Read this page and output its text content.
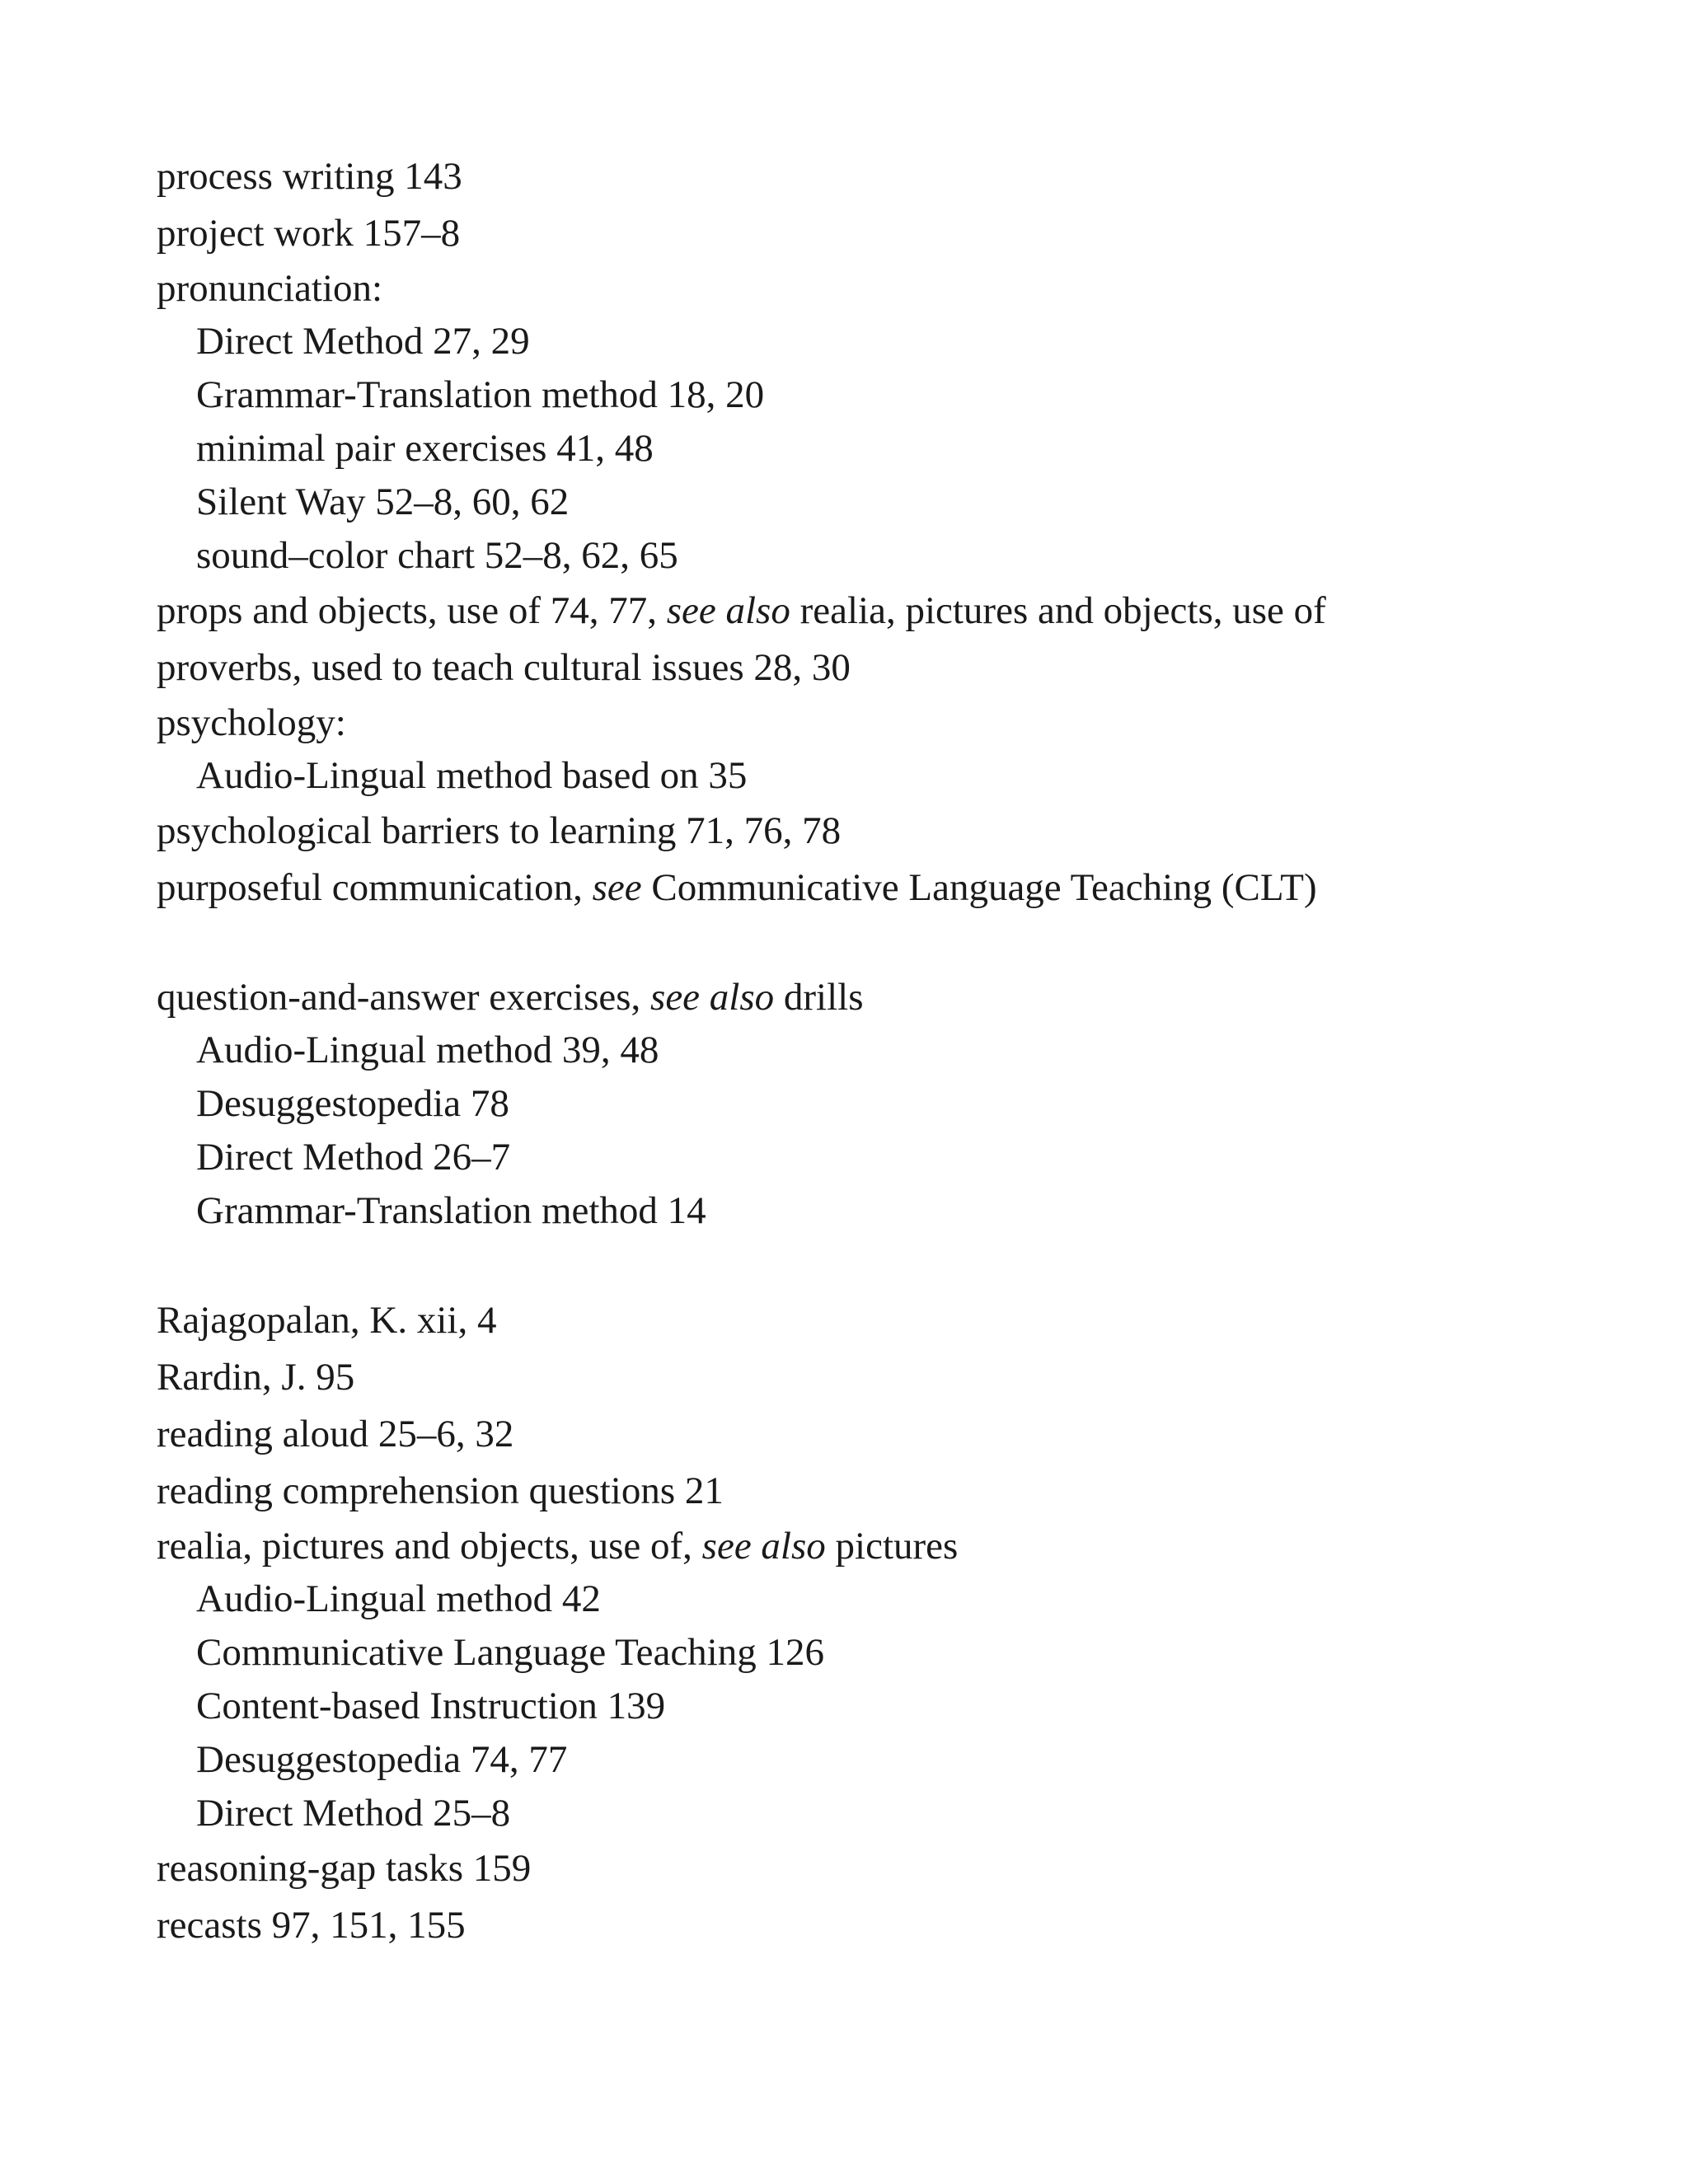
process writing 143

project work 157–8

pronunciation:

Direct Method 27, 29

Grammar-Translation method 18, 20

minimal pair exercises 41, 48

Silent Way 52–8, 60, 62

sound–color chart 52–8, 62, 65

props and objects, use of 74, 77, see also realia, pictures and objects, use of

proverbs, used to teach cultural issues 28, 30

psychology:

Audio-Lingual method based on 35

psychological barriers to learning 71, 76, 78

purposeful communication, see Communicative Language Teaching (CLT)

question-and-answer exercises, see also drills

Audio-Lingual method 39, 48

Desuggestopedia 78

Direct Method 26–7

Grammar-Translation method 14

Rajagopalan, K. xii, 4

Rardin, J. 95

reading aloud 25–6, 32

reading comprehension questions 21

realia, pictures and objects, use of, see also pictures

Audio-Lingual method 42

Communicative Language Teaching 126

Content-based Instruction 139

Desuggestopedia 74, 77

Direct Method 25–8

reasoning-gap tasks 159

recasts 97, 151, 155
